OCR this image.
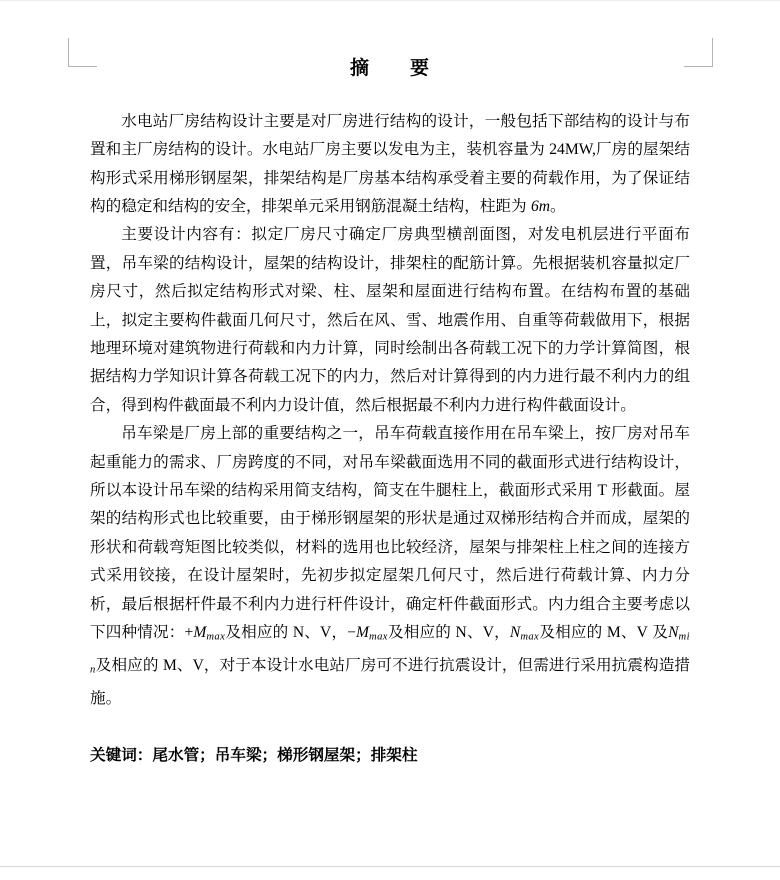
摘　　要

水电站厂房结构设计主要是对厂房进行结构的设计，一般包括下部结构的设计与布置和主厂房结构的设计。水电站厂房主要以发电为主，装机容量为 24MW,厂房的屋架结构形式采用梯形钢屋架，排架结构是厂房基本结构承受着主要的荷载作用，为了保证结构的稳定和结构的安全，排架单元采用钢筋混凝土结构，柱距为 6m。

主要设计内容有：拟定厂房尺寸确定厂房典型横剖面图，对发电机层进行平面布置，吊车梁的结构设计，屋架的结构设计，排架柱的配筋计算。先根据装机容量拟定厂房尺寸，然后拟定结构形式对梁、柱、屋架和屋面进行结构布置。在结构布置的基础上，拟定主要构件截面几何尺寸，然后在风、雪、地震作用、自重等荷载做用下，根据地理环境对建筑物进行荷载和内力计算，同时绘制出各荷载工况下的力学计算简图，根据结构力学知识计算各荷载工况下的内力，然后对计算得到的内力进行最不利内力的组合，得到构件截面最不利内力设计值，然后根据最不利内力进行构件截面设计。

吊车梁是厂房上部的重要结构之一，吊车荷载直接作用在吊车梁上，按厂房对吊车起重能力的需求、厂房跨度的不同，对吊车梁截面选用不同的截面形式进行结构设计，所以本设计吊车梁的结构采用简支结构，简支在牛腿柱上，截面形式采用 T 形截面。屋架的结构形式也比较重要，由于梯形钢屋架的形状是通过双梯形结构合并而成，屋架的形状和荷载弯矩图比较类似，材料的选用也比较经济，屋架与排架柱上柱之间的连接方式采用铰接，在设计屋架时，先初步拟定屋架几何尺寸，然后进行荷载计算、内力分析，最后根据杆件最不利内力进行杆件设计，确定杆件截面形式。内力组合主要考虑以下四种情况：$+M_{max}$及相应的 N、V，$-M_{max}$及相应的 N、V，$N_{max}$及相应的 M、V 及$N_{mi n}$及相应的 M、V，对于本设计水电站厂房可不进行抗震设计，但需进行采用抗震构造措施。

关键词：尾水管；吊车梁；梯形钢屋架；排架柱
